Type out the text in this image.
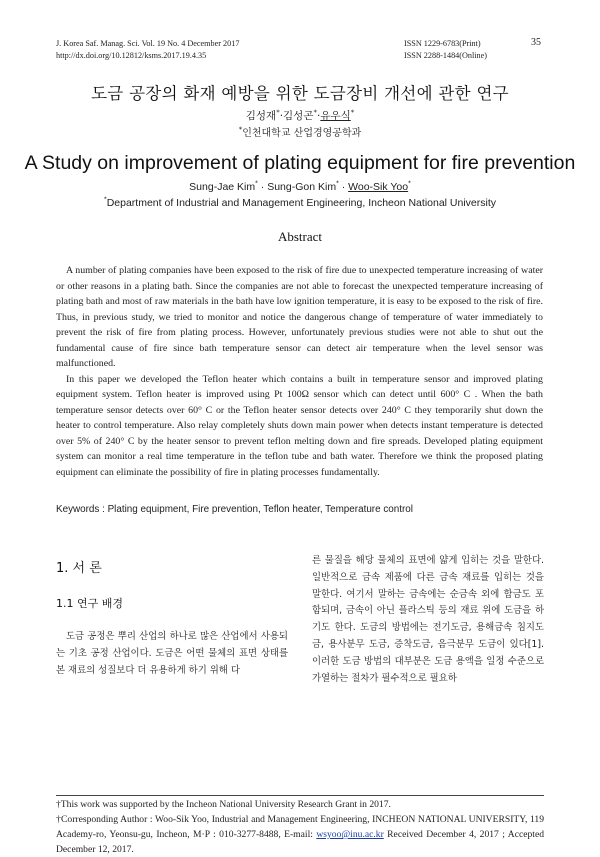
J. Korea Saf. Manag. Sci. Vol. 19 No. 4 December 2017
http://dx.doi.org/10.12812/ksms.2017.19.4.35
ISSN 1229-6783(Print)
ISSN 2288-1484(Online)
35
도금 공장의 화재 예방을 위한 도금장비 개선에 관한 연구
김성재*·김성곤*·유우식*
*인천대학교 산업경영공학과
A Study on improvement of plating equipment for fire prevention
Sung-Jae Kim* · Sung-Gon Kim* · Woo-Sik Yoo*
*Department of Industrial and Management Engineering, Incheon National University
Abstract

A number of plating companies have been exposed to the risk of fire due to unexpected temperature increasing of water or other reasons in a plating bath. Since the companies are not able to forecast the unexpected temperature increasing of plating bath and most of raw materials in the bath have low ignition temperature, it is easy to be exposed to the risk of fire. Thus, in previous study, we tried to monitor and notice the dangerous change of temperature of water immediately to prevent the risk of fire from plating process. However, unfortunately previous studies were not able to shut out the fundamental cause of fire since bath temperature sensor can detect air temperature when the level sensor was malfunctioned.

In this paper we developed the Teflon heater which contains a built in temperature sensor and improved plating equipment system. Teflon heater is improved using Pt 100Ω sensor which can detect until 600° C . When the bath temperature sensor detects over 60° C or the Teflon heater sensor detects over 240° C they temporarily shut down the heater to control temperature. Also relay completely shuts down main power when detects instant temperature is detected over 5% of 240° C by the heater sensor to prevent teflon melting down and fire spreads. Developed plating equipment system can monitor a real time temperature in the teflon tube and bath water. Therefore we think the proposed plating equipment can eliminate the possibility of fire in plating processes fundamentally.

Keywords : Plating equipment, Fire prevention, Teflon heater, Temperature control
1. 서 론
1.1 연구 배경

도금 공정은 뿌리 산업의 하나로 많은 산업에서 사용되는 기초 공정 산업이다. 도금은 어떤 물체의 표면 상태를 본 재료의 성질보다 더 유용하게 하기 위해 다

른 물질을 해당 물체의 표면에 얇게 입히는 것을 말한다. 일반적으로 금속 제품에 다른 금속 재료를 입히는 것을 말한다. 여기서 말하는 금속에는 순금속 외에 합금도 포함되며, 금속이 아닌 플라스틱 등의 재료 위에 도금을 하기도 한다. 도금의 방법에는 전기도금, 용해금속 침지도금, 용사분무 도금, 증착도금, 음극분무 도금이 있다[1]. 이러한 도금 방법의 대부분은 도금 용액을 일정 수준으로 가열하는 절차가 필수적으로 필요하

†This work was supported by the Incheon National University Research Grant in 2017.
†Corresponding Author : Woo-Sik Yoo, Industrial and Management Engineering, INCHEON NATIONAL UNIVERSITY, 119 Academy-ro, Yeonsu-gu, Incheon, M·P : 010-3277-8488, E-mail: wsyoo@inu.ac.kr Received December 4, 2017 ; Accepted December 12, 2017.
